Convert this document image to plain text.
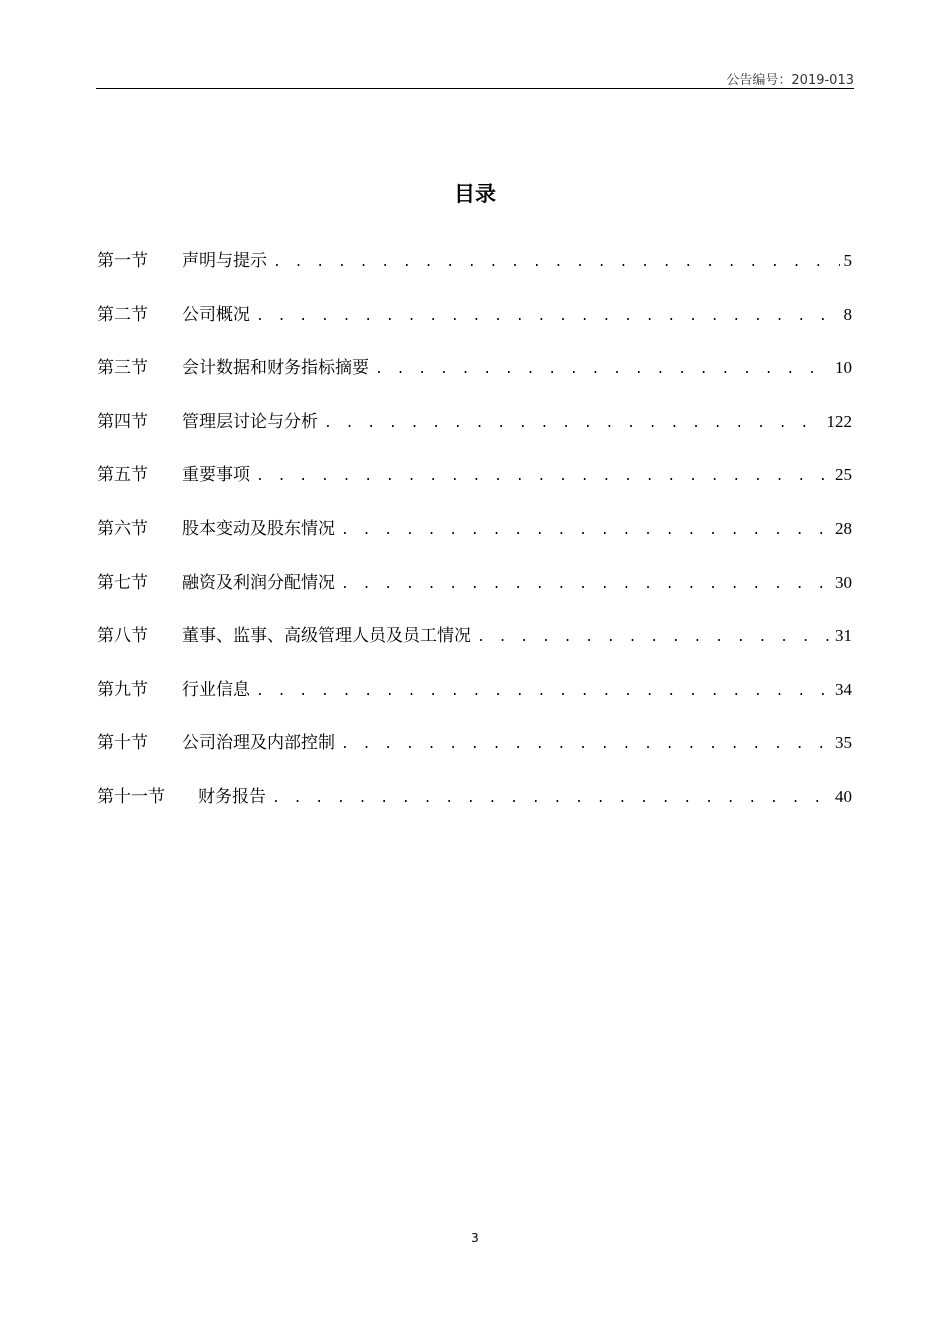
公告编号：2019-013
目录
第一节	声明与提示 . . .	5
第二节	公司概况 . . .	8
第三节	会计数据和财务指标摘要 . . .	10
第四节	管理层讨论与分析 . . .	122
第五节	重要事项 . . .	25
第六节	股本变动及股东情况 . . .	28
第七节	融资及利润分配情况 . . .	30
第八节	董事、监事、高级管理人员及员工情况 . . .	31
第九节	行业信息 . . .	34
第十节	公司治理及内部控制 . . .	35
第十一节	财务报告 . . .	40
3
